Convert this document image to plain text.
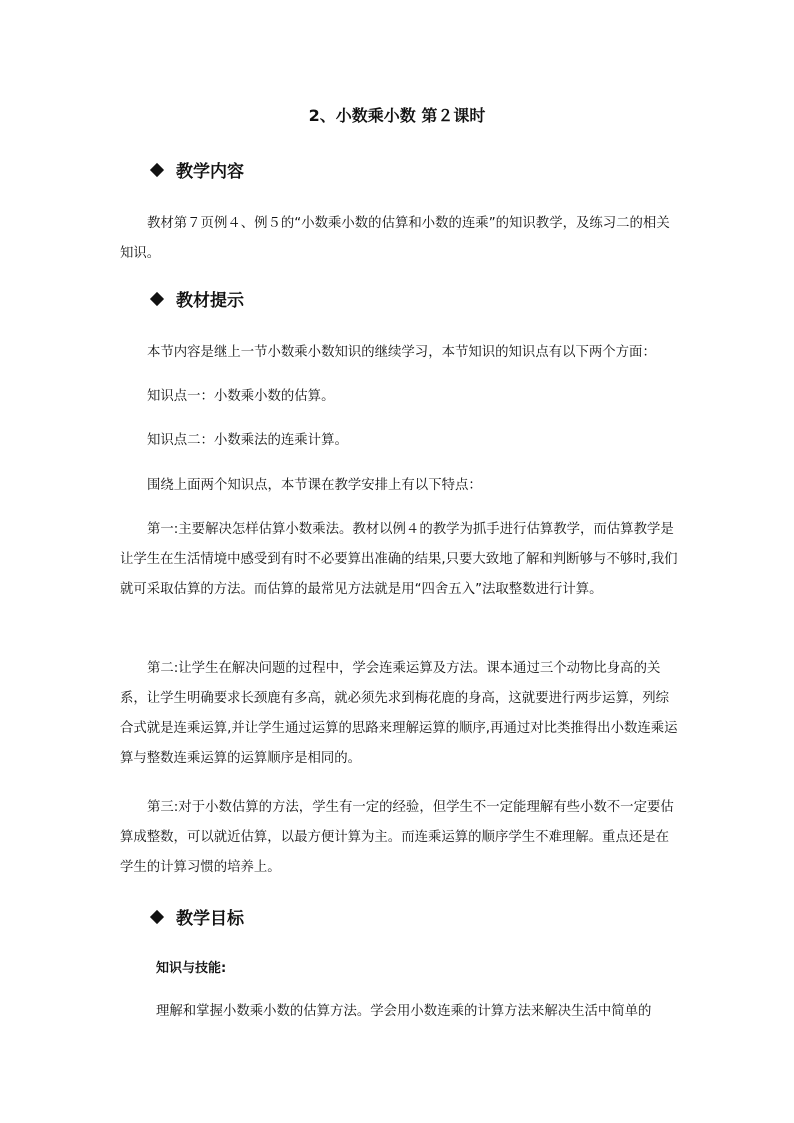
2、小数乘小数 第２课时
教学内容

教材第７页例４、例５的“小数乘小数的估算和小数的连乘”的知识教学，及练习二的相关知识。

教材提示

本节内容是继上一节小数乘小数知识的继续学习，本节知识的知识点有以下两个方面：

知识点一：小数乘小数的估算。

知识点二：小数乘法的连乘计算。

围绕上面两个知识点，本节课在教学安排上有以下特点：

第一:主要解决怎样估算小数乘法。教材以例４的教学为抓手进行估算教学，而估算教学是让学生在生活情境中感受到有时不必要算出准确的结果,只要大致地了解和判断够与不够时,我们就可采取估算的方法。而估算的最常见方法就是用“四舍五入”法取整数进行计算。

第二:让学生在解决问题的过程中，学会连乘运算及方法。课本通过三个动物比身高的关系，让学生明确要求长颈鹿有多高，就必须先求到梅花鹿的身高，这就要进行两步运算，列综合式就是连乘运算,并让学生通过运算的思路来理解运算的顺序,再通过对比类推得出小数连乘运算与整数连乘运算的运算顺序是相同的。

第三:对于小数估算的方法，学生有一定的经验，但学生不一定能理解有些小数不一定要估算成整数，可以就近估算，以最方便计算为主。而连乘运算的顺序学生不难理解。重点还是在学生的计算习惯的培养上。

教学目标
知识与技能:

理解和掌握小数乘小数的估算方法。学会用小数连乘的计算方法来解决生活中简单的
